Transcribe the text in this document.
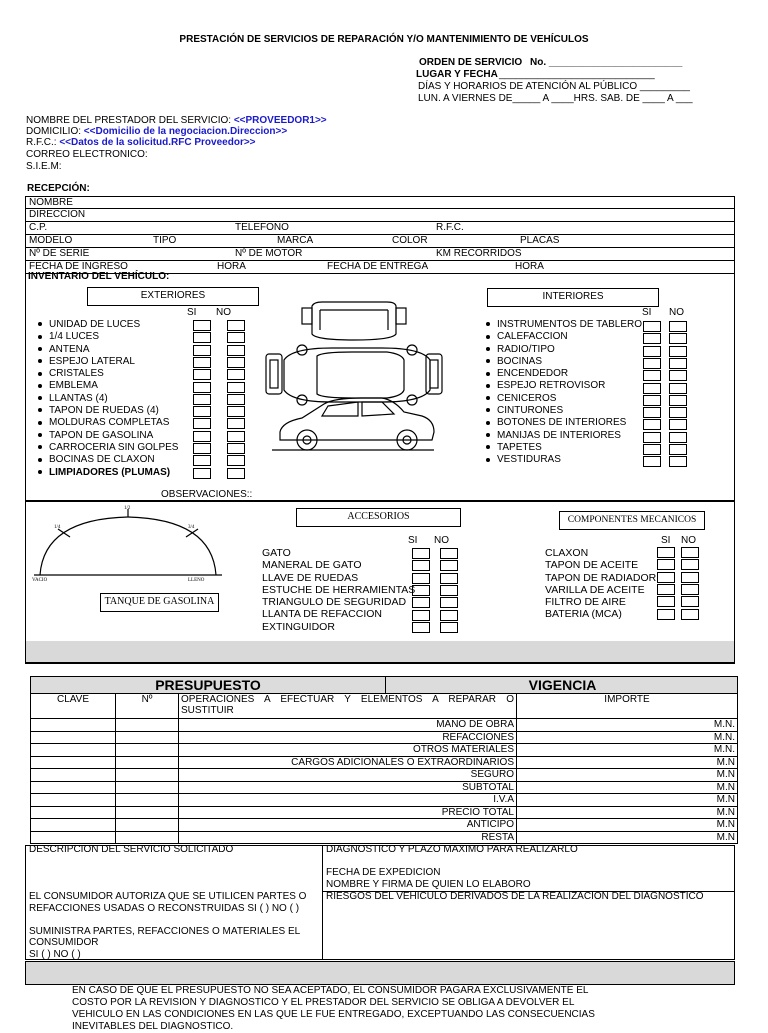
PRESTACIÓN DE SERVICIOS DE REPARACIÓN Y/O MANTENIMIENTO DE VEHÍCULOS
ORDEN DE SERVICIO No. ________________________
LUGAR Y FECHA ____________________________
DÍAS Y HORARIOS DE ATENCIÓN AL PÚBLICO _________
LUN. A VIERNES DE_____ A ____HRS. SAB. DE ____ A ___
NOMBRE DEL PRESTADOR DEL SERVICIO: <<PROVEEDOR1>>
DOMICILIO: <<Domicilio de la negociacion.Direccion>>
R.F.C.: <<Datos de la solicitud.RFC Proveedor>>
CORREO ELECTRONICO:
S.I.E.M:
RECEPCIÓN:
NOMBRE
DIRECCION
C.P.	TELEFONO	R.F.C.
MODELO	TIPO	MARCA	COLOR	PLACAS
Nº DE SERIE	Nº DE MOTOR	KM RECORRIDOS
FECHA DE INGRESO	HORA	FECHA DE ENTREGA	HORA
INVENTARIO DEL VEHÍCULO:
EXTERIORES	INTERIORES
SI NO	SI NO
UNIDAD DE LUCES
1/4 LUCES
ANTENA
ESPEJO LATERAL
CRISTALES
EMBLEMA
LLANTAS (4)
TAPON DE RUEDAS (4)
MOLDURAS COMPLETAS
TAPON DE GASOLINA
CARROCERIA SIN GOLPES
BOCINAS DE CLAXON
LIMPIADORES (PLUMAS)
INSTRUMENTOS DE TABLERO
CALEFACCION
RADIO/TIPO
BOCINAS
ENCENDEDOR
ESPEJO RETROVISOR
CENICEROS
CINTURONES
BOTONES DE INTERIORES
MANIJAS DE INTERIORES
TAPETES
VESTIDURAS
OBSERVACIONES::
VACIO	LLENO
1/4
1/2
3/4
TANQUE DE GASOLINA
ACCESORIOS
SI NO
GATO
MANERAL DE GATO
LLAVE DE RUEDAS
ESTUCHE DE HERRAMIENTAS
TRIANGULO DE SEGURIDAD
LLANTA DE REFACCION
EXTINGUIDOR
COMPONENTES MECANICOS
SI NO
CLAXON
TAPON DE ACEITE
TAPON DE RADIADOR
VARILLA DE ACEITE
FILTRO DE AIRE
BATERIA (MCA)
PRESUPUESTO	VIGENCIA
CLAVE	Nº	OPERACIONES A EFECTUAR Y ELEMENTOS A REPARAR O SUSTITUIR	IMPORTE
		MANO DE OBRA	M.N.
		REFACCIONES	M.N.
		OTROS MATERIALES	M.N.
		CARGOS ADICIONALES O EXTRAORDINARIOS	M.N
		SEGURO	M.N
		SUBTOTAL	M.N
		I.V.A	M.N
		PRECIO TOTAL	M.N
		ANTICIPO	M.N
		RESTA	M.N
DESCRIPCION DEL SERVICIO SOLICITADO	DIAGNOSTICO Y PLAZO MAXIMO PARA REALIZARLO
FECHA DE EXPEDICION
NOMBRE Y FIRMA DE QUIEN LO ELABORO
EL CONSUMIDOR AUTORIZA QUE SE UTILICEN PARTES O
REFACCIONES USADAS O RECONSTRUIDAS SI ( ) NO ( )
RIESGOS DEL VEHICULO DERIVADOS DE LA REALIZACION DEL DIAGNOSTICO
SUMINISTRA PARTES, REFACCIONES O MATERIALES EL
CONSUMIDOR
SI ( ) NO ( )
EN CASO DE QUE EL PRESUPUESTO NO SEA ACEPTADO, EL CONSUMIDOR PAGARA EXCLUSIVAMENTE EL
COSTO POR LA REVISION Y DIAGNOSTICO Y EL PRESTADOR DEL SERVICIO SE OBLIGA A DEVOLVER EL
VEHICULO EN LAS CONDICIONES EN LAS QUE LE FUE ENTREGADO, EXCEPTUANDO LAS CONSECUENCIAS
INEVITABLES DEL DIAGNOSTICO.
